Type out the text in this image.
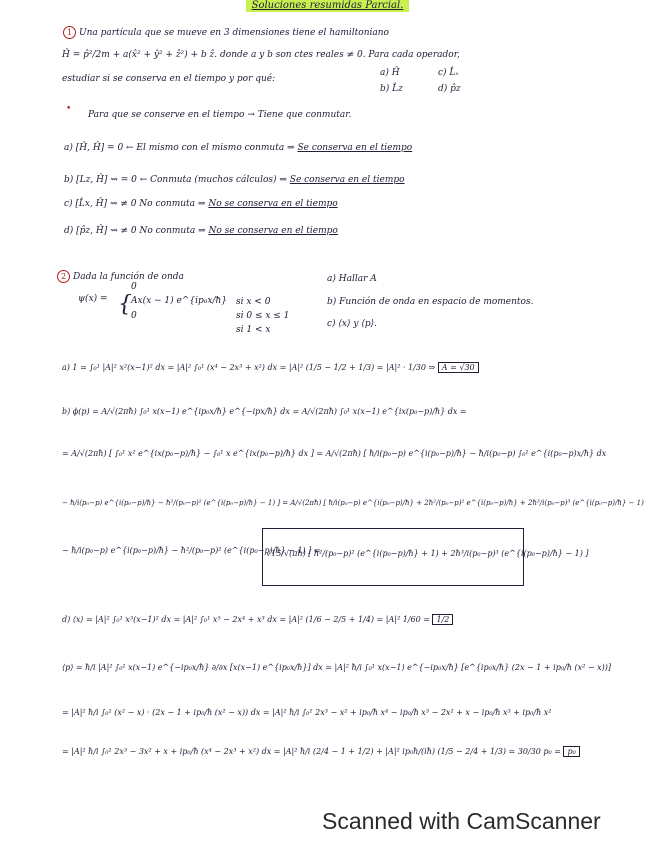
Soluciones resumidas Parcial.
1 Una partícula que se mueve en 3 dimensiones tiene el hamiltoniano
Ĥ = p̂²/2m + a(x̂² + ŷ² + ẑ²) + b ẑ. donde a y b son ctes reales ≠ 0. Para cada operador,
estudiar si se conserva en el tiempo y por qué:
a) Ĥ	c) L̂ₓ
b) L̂z	d) p̂z
•
Para que se conserve en el tiempo → Tiene que conmutar.
a) [Ĥ, Ĥ] = 0 ← El mismo con el mismo conmuta ⇒ Se conserva en el tiempo
b) [Lz, Ĥ] ⇝ = 0 ← Conmuta (muchos cálculos) ⇒ Se conserva en el tiempo
c) [L̂x, Ĥ] ⇝ ≠ 0 No conmuta ⇒ No se conserva en el tiempo
d) [p̂z, Ĥ] ⇝ ≠ 0 No conmuta ⇒ No se conserva en el tiempo
2 Dada la función de onda
ψ(x) = {
0
Ax(x − 1) e^{ip₀x/ħ}
0
si x < 0
si 0 ≤ x ≤ 1
si 1 < x
a) Hallar A
b) Función de onda en espacio de momentos.
c) ⟨x⟩ y ⟨p⟩.
a) 1 = ∫₀¹ |A|² x²(x−1)² dx = |A|² ∫₀¹ (x⁴ − 2x³ + x²) dx = |A|² (1/5 − 1/2 + 1/3) = |A|² · 1/30 ⇒ A = √30
b) ϕ(p) = A/√(2πħ) ∫₀¹ x(x−1) e^{ip₀x/ħ} e^{−ipx/ħ} dx = A/√(2πħ) ∫₀¹ x(x−1) e^{ix(p₀−p)/ħ} dx =
= A/√(2πħ) [ ∫₀¹ x² e^{ix(p₀−p)/ħ} − ∫₀¹ x e^{ix(p₀−p)/ħ} dx ] = A/√(2πħ) [ ħ/i(p₀−p) e^{i(p₀−p)/ħ} − ħ/i(p₀−p) ∫₀¹ e^{i(p₀−p)x/ħ} dx
− ħ/i(p₀−p) e^{i(p₀−p)/ħ} − ħ²/(p₀−p)² (e^{i(p₀−p)/ħ} − 1) ] = A/√(2πħ) [ ħ/i(p₀−p) e^{i(p₀−p)/ħ} + 2ħ²/(p₀−p)² e^{i(p₀−p)/ħ} + 2ħ³/i(p₀−p)³ (e^{i(p₀−p)/ħ} − 1)
− ħ/i(p₀−p) e^{i(p₀−p)/ħ} − ħ²/(p₀−p)² (e^{i(p₀−p)/ħ} − 1) ] =
√15/√(πħ) [ ħ²/(p₀−p)² (e^{i(p₀−p)/ħ} + 1) + 2ħ³/i(p₀−p)³ (e^{i(p₀−p)/ħ} − 1) ]
d) ⟨x⟩ = |A|² ∫₀¹ x³(x−1)² dx = |A|² ∫₀¹ x⁵ − 2x⁴ + x³ dx = |A|² (1/6 − 2/5 + 1/4) = |A|² 1/60 = 1/2
⟨p⟩ = ħ/i |A|² ∫₀¹ x(x−1) e^{−ip₀x/ħ} ∂/∂x [x(x−1) e^{ip₀x/ħ}] dx = |A|² ħ/i ∫₀¹ x(x−1) e^{−ip₀x/ħ} [e^{ip₀x/ħ} (2x − 1 + ip₀/ħ (x² − x))]
= |A|² ħ/i ∫₀¹ (x² − x) · (2x − 1 + ip₀/ħ (x² − x)) dx = |A|² ħ/i ∫₀¹ 2x³ − x² + ip₀/ħ x⁴ − ip₀/ħ x³ − 2x² + x − ip₀/ħ x³ + ip₀/ħ x²
= |A|² ħ/i ∫₀¹ 2x³ − 3x² + x + ip₀/ħ (x⁴ − 2x³ + x²) dx = |A|² ħ/i (2/4 − 1 + 1/2) + |A|² ip₀ħ/(iħ) (1/5 − 2/4 + 1/3) = 30/30 p₀ = p₀
Scanned with CamScanner
